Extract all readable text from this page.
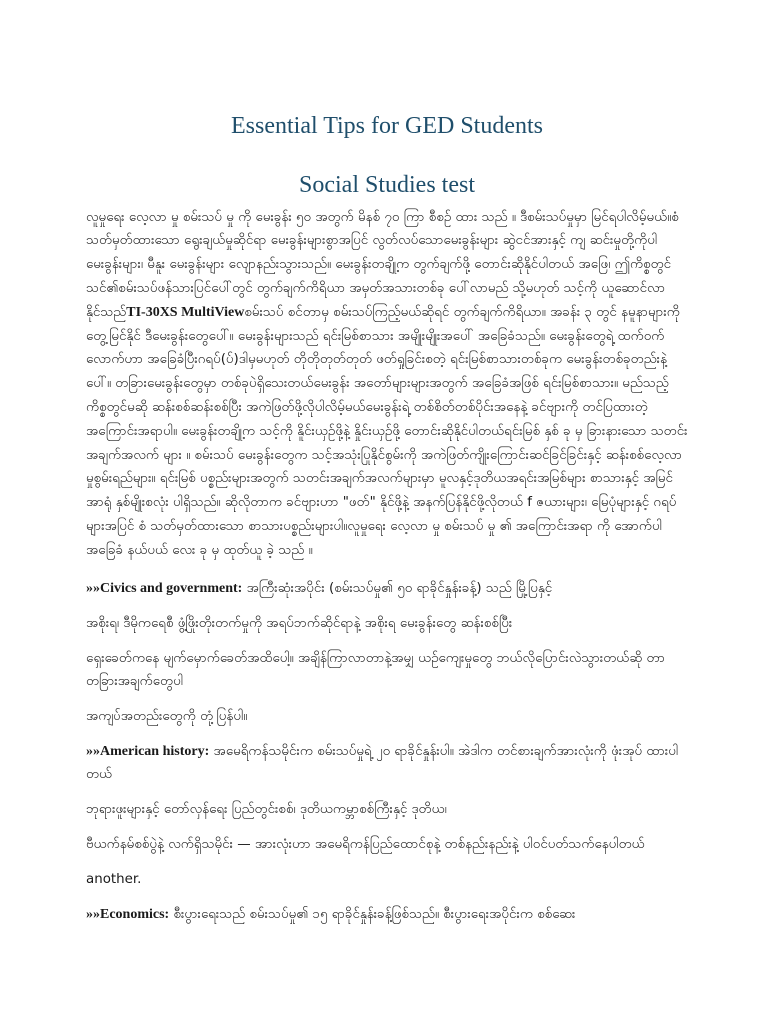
Essential Tips for GED Students
Social Studies test

လူမှုရေး လေ့လာ မှု စမ်းသပ် မှု ကို မေးခွန်း ၅၀ အတွက် မိနစ် ၇၀ ကြာ စီစဉ် ထား သည် ။ ဒီစမ်းသပ်မှုမှာ မြင်ရပါလိမ့်မယ်။စံသတ်မှတ်ထားသော ရွေးချယ်မှုဆိုင်ရာ မေးခွန်းများစွာအပြင် လွတ်လပ်သောမေးခွန်းများ ဆွဲငင်အားနှင့် ကျ ဆင်းမှုတို့ကိုပါမေးခွန်းများ၊ မီနူး မေးခွန်းများ လျောနည်းသွားသည်။ မေးခွန်းတချို့က တွက်ချက်ဖို့ တောင်းဆိုနိုင်ပါတယ် အဖြေ၊ ဤကိစ္စတွင် သင်၏စမ်းသပ်ဖန်သားပြင်ပေါ်တွင် တွက်ချက်ကိရိယာ အမှတ်အသားတစ်ခု ပေါ်လာမည် သို့မဟုတ် သင့်ကို ယူဆောင်လာနိုင်သည်TI-30XS MultiViewစမ်းသပ် စင်တာမှ စမ်းသပ်ကြည့်မယ်ဆိုရင် တွက်ချက်ကိရိယာ။ အခန်း ၃ တွင် နမူနာများကို တွေ့မြင်နိုင် ဒီမေးခွန်းတွေပေါ်။ မေးခွန်းများသည် ရင်းမြစ်စာသား အမျိုးမျိုးအပေါ် အခြေခံသည်။ မေးခွန်းတွေရဲ့ ထက်ဝက်လောက်ဟာ အခြေခံပြီးဂရပ်(ပ်)ဒါမှမဟုတ် တိုတိုတုတ်တုတ် ဖတ်ရှုခြင်းစတဲ့ ရင်းမြစ်စာသားတစ်ခုက မေးခွန်းတစ်ခုတည်းနဲ့ပေါ်။ တခြားမေးခွန်းတွေမှာ တစ်ခုပဲရှိသေးတယ်မေးခွန်း အတော်များများအတွက် အခြေခံအဖြစ် ရင်းမြစ်စာသား။ မည်သည့်ကိစ္စတွင်မဆို ဆန်းစစ်ဆန်းစစ်ပြီး အကဲဖြတ်ဖို့လိုပါလိမ့်မယ်မေးခွန်းရဲ့ တစ်စိတ်တစ်ပိုင်းအနေနဲ့ ခင်ဗျားကို တင်ပြထားတဲ့ အကြောင်းအရာပါ။ မေးခွန်းတချို့က သင့်ကို နိူင်းယှဉ်ဖို့နဲ့ နှိုင်းယှဉ်ဖို့ တောင်းဆိုနိုင်ပါတယ်ရင်းမြစ် နှစ် ခု မှ ခြားနားသော သတင်း အချက်အလက် များ ။ စမ်းသပ် မေးခွန်းတွေက သင့်အသုံးပြုနိုင်စွမ်းကို အကဲဖြတ်ကျိုးကြောင်းဆင်ခြင်ခြင်းနှင့် ဆန်းစစ်လေ့လာမှုစွမ်းရည်များ။ ရင်းမြစ် ပစ္စည်းများအတွက် သတင်းအချက်အလက်များမှာ မူလနှင့်ဒုတိယအရင်းအမြစ်များ စာသားနှင့် အမြင်အာရုံ နှစ်မျိုးစလုံး ပါရှိသည်။ ဆိုလိုတာက ခင်ဗျားဟာ "ဖတ်" နိုင်ဖို့နဲ့ အနက်ပြန်နိုင်ဖို့လိုတယ် f ဇယားများ၊ မြေပုံများနှင့် ဂရပ်များအပြင် စံ သတ်မှတ်ထားသော စာသားပစ္စည်းများပါ။လူမှုရေး လေ့လာ မှု စမ်းသပ် မှု ၏ အကြောင်းအရာ ကို အောက်ပါ အခြေခံ နယ်ပယ် လေး ခု မှ ထုတ်ယူ ခဲ့ သည် ။

»»Civics and government: အကြီးဆုံးအပိုင်း (စမ်းသပ်မှု၏ ၅၀ ရာခိုင်နှုန်းခန့်) သည် မြို့ပြနှင့်

အစိုးရ၊ ဒီမိုကရေစီ ဖွံ့ဖြိုးတိုးတက်မှုကို အရပ်ဘက်ဆိုင်ရာနဲ့ အစိုးရ မေးခွန်းတွေ ဆန်းစစ်ပြီး

ရှေးခေတ်ကနေ မျက်မှောက်ခေတ်အထိပေါ့။ အချိန်ကြာလာတာနဲ့အမျှ ယဉ်ကျေးမှုတွေ ဘယ်လိုပြောင်းလဲသွားတယ်ဆို တာ တခြားအချက်တွေပါ

အကျပ်အတည်းတွေကို တုံ့ပြန်ပါ။

»»American history: အမေရိကန်သမိုင်းက စမ်းသပ်မှုရဲ့ ၂၀ ရာခိုင်နှုန်းပါ။ အဲဒါက တင်စားချက်အားလုံးကို ဖုံးအုပ် ထားပါတယ်

ဘုရားဖူးများနှင့် တော်လှန်ရေး ပြည်တွင်းစစ်၊ ဒုတိယကမ္ဘာစစ်ကြီးနှင့် ဒုတိယ၊

ဗီယက်နမ်စစ်ပွဲနဲ့ လက်ရှိသမိုင်း — အားလုံးဟာ အမေရိကန်ပြည်ထောင်စုနဲ့ တစ်နည်းနည်းနဲ့ ပါဝင်ပတ်သက်နေပါတယ်

another.

»»Economics: စီးပွားရေးသည် စမ်းသပ်မှု၏ ၁၅ ရာခိုင်နှုန်းခန့်ဖြစ်သည်။ စီးပွားရေးအပိုင်းက စစ်ဆေး
